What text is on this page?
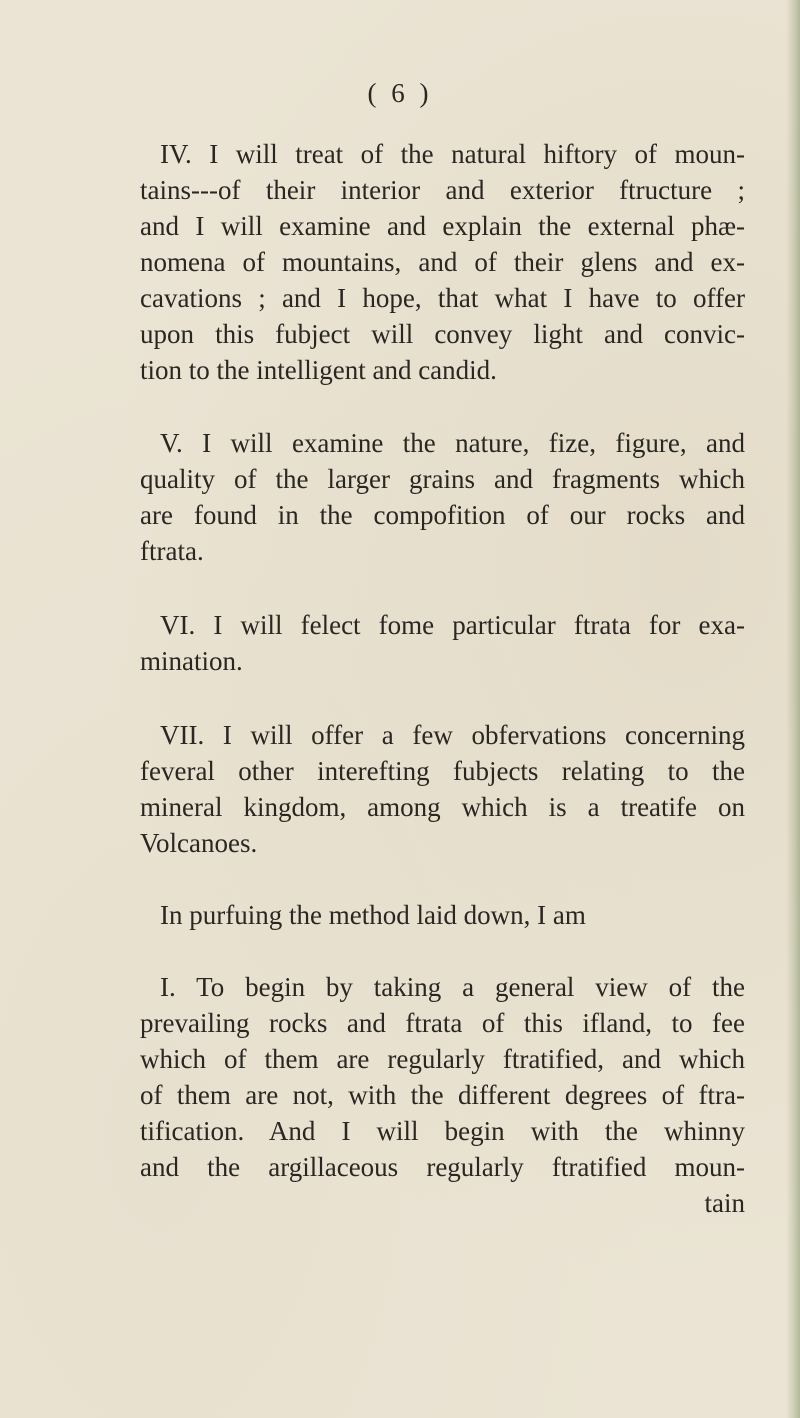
( 6 )
IV. I will treat of the natural hiftory of moun-
tains---of their interior and exterior ftructure ;
and I will examine and explain the external phæ-
nomena of mountains, and of their glens and ex-
cavations ; and I hope, that what I have to offer
upon this fubject will convey light and convic-
tion to the intelligent and candid.
V. I will examine the nature, fize, figure, and
quality of the larger grains and fragments which
are found in the compofition of our rocks and
ftrata.
VI. I will felect fome particular ftrata for exa-
mination.
VII. I will offer a few obfervations concerning
feveral other interefting fubjects relating to the
mineral kingdom, among which is a treatife on
Volcanoes.
In purfuing the method laid down, I am
I. To begin by taking a general view of the
prevailing rocks and ftrata of this ifland, to fee
which of them are regularly ftratified, and which
of them are not, with the different degrees of ftra-
tification. And I will begin with the whinny
and the argillaceous regularly ftratified moun-
tain
